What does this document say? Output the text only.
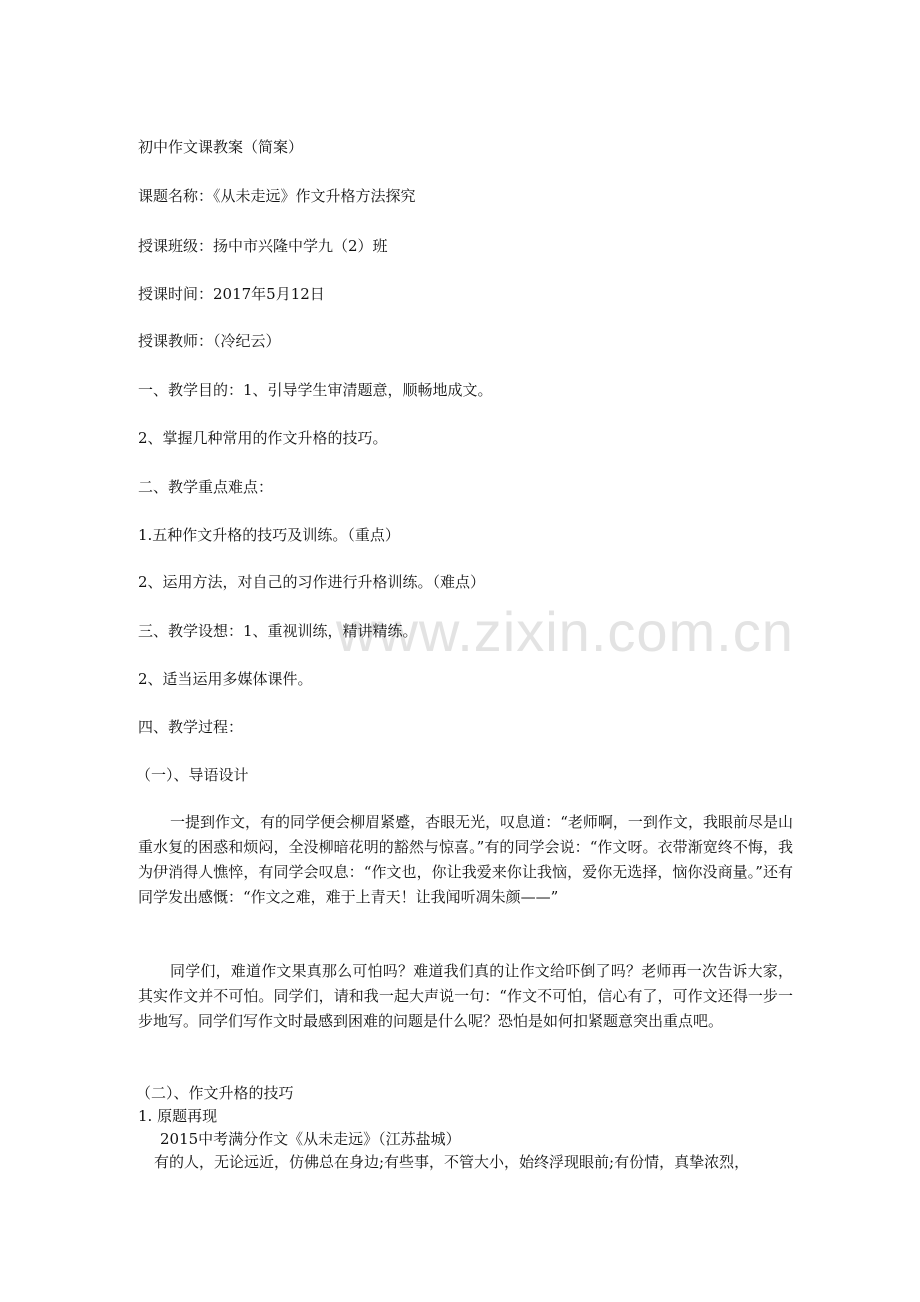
www.zixin.com.cn
初中作文课教案（简案）
课题名称：《从未走远》作文升格方法探究
授课班级：扬中市兴隆中学九（2）班
授课时间：2017年5月12日
授课教师：（冷纪云）
一、教学目的：1、引导学生审清题意，顺畅地成文。
2、掌握几种常用的作文升格的技巧。
二、教学重点难点：
1.五种作文升格的技巧及训练。（重点）
2、运用方法，对自己的习作进行升格训练。（难点）
三、教学设想：1、重视训练，精讲精练。
2、适当运用多媒体课件。
四、教学过程：
（一）、导语设计
一提到作文，有的同学便会柳眉紧蹙，杏眼无光，叹息道：“老师啊，一到作文，我眼前尽是山重水复的困惑和烦闷，全没柳暗花明的豁然与惊喜。”有的同学会说：“作文呀。衣带渐宽终不悔，我为伊消得人憔悴，有同学会叹息：“作文也，你让我爱来你让我恼，爱你无选择，恼你没商量。”还有同学发出感慨：“作文之难，难于上青天！让我闻听凋朱颜——”
同学们，难道作文果真那么可怕吗？难道我们真的让作文给吓倒了吗？老师再一次告诉大家，其实作文并不可怕。同学们，请和我一起大声说一句：“作文不可怕，信心有了，可作文还得一步一步地写。同学们写作文时最感到困难的问题是什么呢？恐怕是如何扣紧题意突出重点吧。
（二）、作文升格的技巧
1. 原题再现
2015中考满分作文《从未走远》（江苏盐城）
有的人，无论远近，仿佛总在身边;有些事，不管大小，始终浮现眼前;有份情，真挚浓烈，
